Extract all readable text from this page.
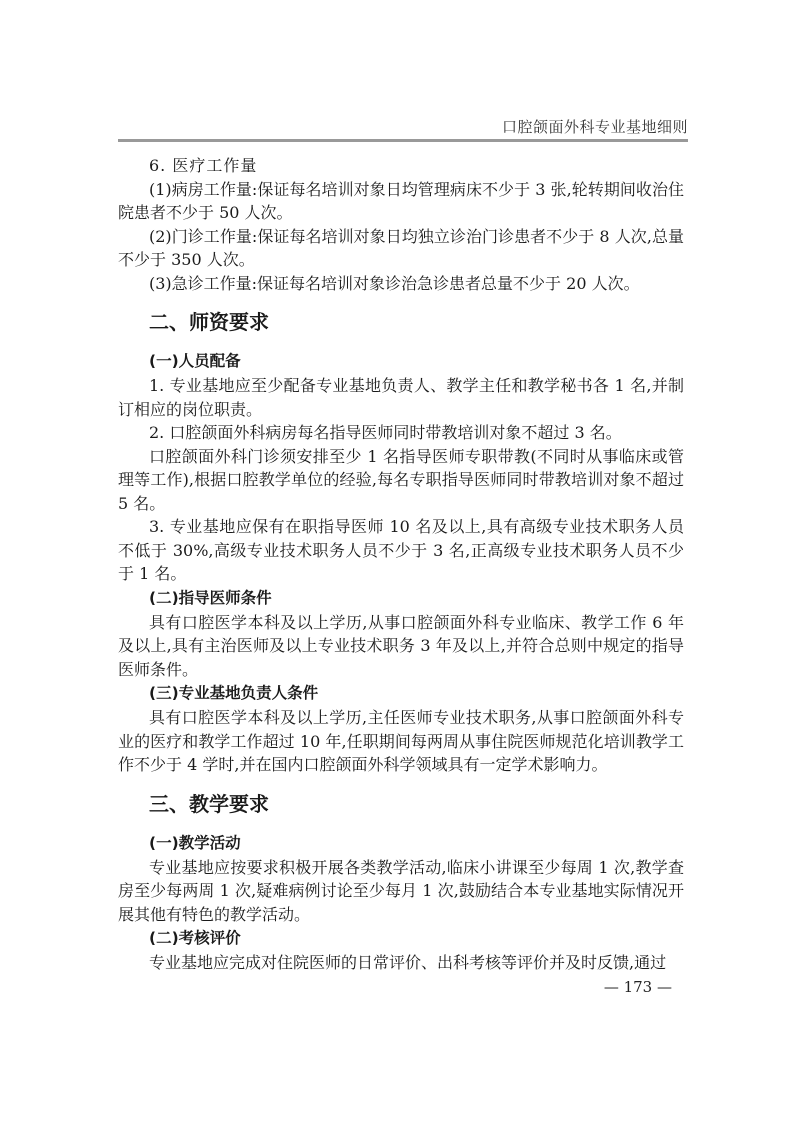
口腔颌面外科专业基地细则

6. 医疗工作量

(1)病房工作量:保证每名培训对象日均管理病床不少于 3 张,轮转期间收治住院患者不少于 50 人次。

(2)门诊工作量:保证每名培训对象日均独立诊治门诊患者不少于 8 人次,总量不少于 350 人次。

(3)急诊工作量:保证每名培训对象诊治急诊患者总量不少于 20 人次。

二、师资要求
(一)人员配备

1. 专业基地应至少配备专业基地负责人、教学主任和教学秘书各 1 名,并制订相应的岗位职责。

2. 口腔颌面外科病房每名指导医师同时带教培训对象不超过 3 名。

口腔颌面外科门诊须安排至少 1 名指导医师专职带教(不同时从事临床或管理等工作),根据口腔教学单位的经验,每名专职指导医师同时带教培训对象不超过 5 名。

3. 专业基地应保有在职指导医师 10 名及以上,具有高级专业技术职务人员不低于 30%,高级专业技术职务人员不少于 3 名,正高级专业技术职务人员不少于 1 名。

(二)指导医师条件

具有口腔医学本科及以上学历,从事口腔颌面外科专业临床、教学工作 6 年及以上,具有主治医师及以上专业技术职务 3 年及以上,并符合总则中规定的指导医师条件。

(三)专业基地负责人条件

具有口腔医学本科及以上学历,主任医师专业技术职务,从事口腔颌面外科专业的医疗和教学工作超过 10 年,任职期间每两周从事住院医师规范化培训教学工作不少于 4 学时,并在国内口腔颌面外科学领域具有一定学术影响力。

三、教学要求
(一)教学活动

专业基地应按要求积极开展各类教学活动,临床小讲课至少每周 1 次,教学查房至少每两周 1 次,疑难病例讨论至少每月 1 次,鼓励结合本专业基地实际情况开展其他有特色的教学活动。

(二)考核评价

专业基地应完成对住院医师的日常评价、出科考核等评价并及时反馈,通过

— 173 —
